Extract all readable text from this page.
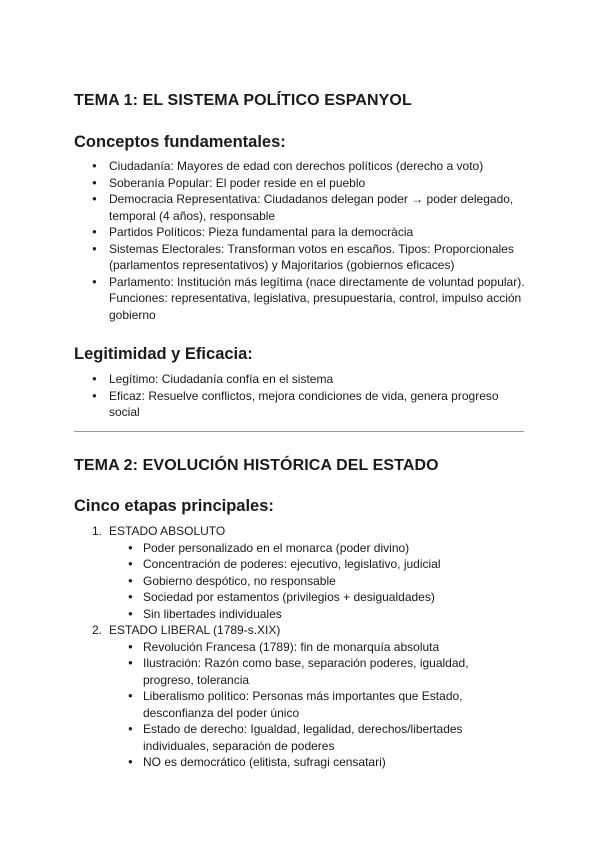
TEMA 1: EL SISTEMA POLÍTICO ESPANYOL
Conceptos fundamentales:
● Ciudadanía: Mayores de edad con derechos políticos (derecho a voto)
● Soberanía Popular: El poder reside en el pueblo
● Democracia Representativa: Ciudadanos delegan poder → poder delegado, temporal (4 años), responsable
● Partidos Políticos: Pieza fundamental para la democràcia
● Sistemas Electorales: Transforman votos en escaños. Tipos: Proporcionales (parlamentos representativos) y Majoritarios (gobiernos eficaces)
● Parlamento: Institución más legítima (nace directamente de voluntad popular). Funciones: representativa, legislativa, presupuestaria, control, impulso acción gobierno
Legitimidad y Eficacia:
● Legítimo: Ciudadanía confía en el sistema
● Eficaz: Resuelve conflictos, mejora condiciones de vida, genera progreso social
TEMA 2: EVOLUCIÓN HISTÓRICA DEL ESTADO
Cinco etapas principales:
1. ESTADO ABSOLUTO
● Poder personalizado en el monarca (poder divino)
● Concentración de poderes: ejecutivo, legislativo, judicial
● Gobierno despótico, no responsable
● Sociedad por estamentos (privilegios + desigualdades)
● Sin libertades individuales
2. ESTADO LIBERAL (1789-s.XIX)
● Revolución Francesa (1789): fin de monarquía absoluta
● Ilustración: Razón como base, separación poderes, igualdad, progreso, tolerancia
● Liberalismo político: Personas más importantes que Estado, desconfianza del poder único
● Estado de derecho: Igualdad, legalidad, derechos/libertades individuales, separación de poderes
● NO es democrático (elitista, sufragi censatari)
